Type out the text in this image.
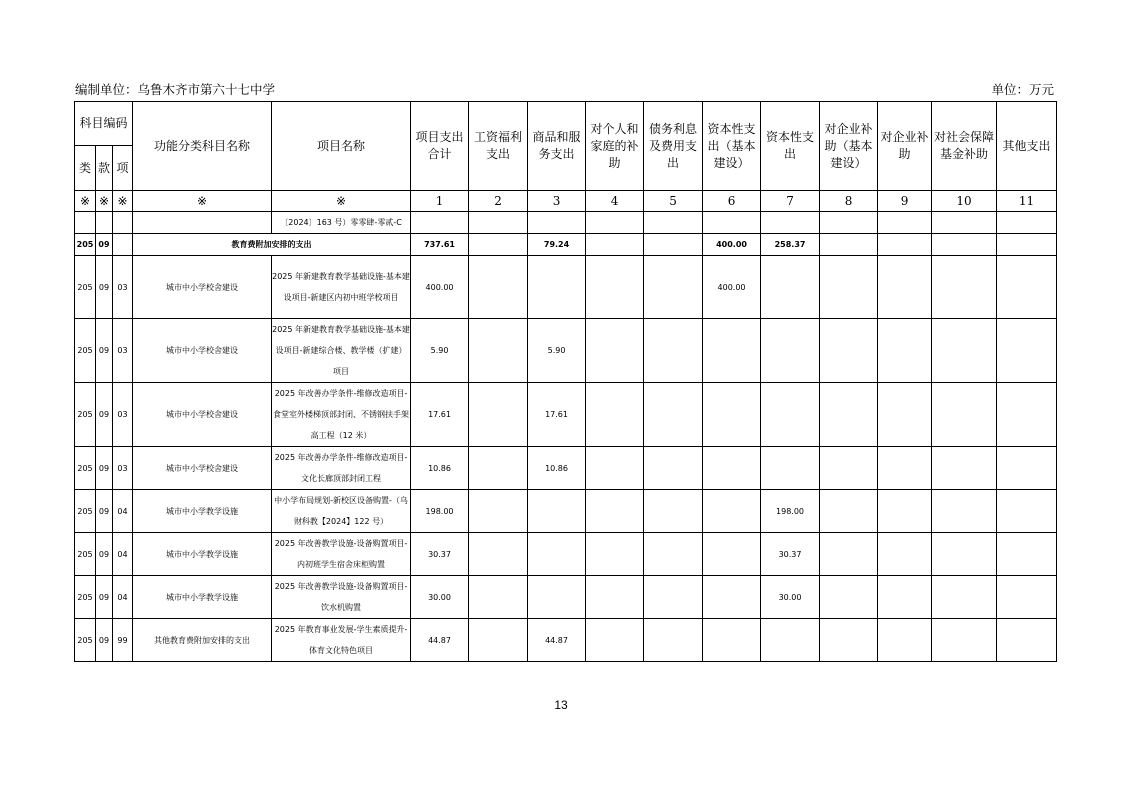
编制单位：乌鲁木齐市第六十七中学	单位：万元
科目编码			功能分类科目名称	项目名称	项目支出合计	工资福利支出	商品和服务支出	对个人和家庭的补助	债务利息及费用支出	资本性支出（基本建设）	资本性支出	对企业补助（基本建设）	对企业补助	对社会保障基金补助	其他支出
类	款	项													
※	※	※	※	※	1	2	3	4	5	6	7	8	9	10	11
				〔2024〕163 号）零零肆-零贰-C											
205	09		教育费附加安排的支出		737.61		79.24			400.00	258.37				
205	09	03	城市中小学校舍建设	2025 年新建教育教学基础设施-基本建设项目-新建区内初中班学校项目	400.00					400.00					
205	09	03	城市中小学校舍建设	2025 年新建教育教学基础设施-基本建设项目-新建综合楼、教学楼（扩建）项目	5.90		5.90								
205	09	03	城市中小学校舍建设	2025 年改善办学条件-维修改造项目-食堂室外楼梯顶部封闭、不锈钢扶手架高工程（12 米）	17.61		17.61								
205	09	03	城市中小学校舍建设	2025 年改善办学条件-维修改造项目-文化长廊顶部封闭工程	10.86		10.86								
205	09	04	城市中小学教学设施	中小学布局规划-新校区设备购置-（乌财科教【2024】122 号）	198.00						198.00				
205	09	04	城市中小学教学设施	2025 年改善教学设施-设备购置项目-内初班学生宿舍床柜购置	30.37						30.37				
205	09	04	城市中小学教学设施	2025 年改善教学设施-设备购置项目-饮水机购置	30.00						30.00				
205	09	99	其他教育费附加安排的支出	2025 年教育事业发展-学生素质提升-体育文化特色项目	44.87		44.87								
13
